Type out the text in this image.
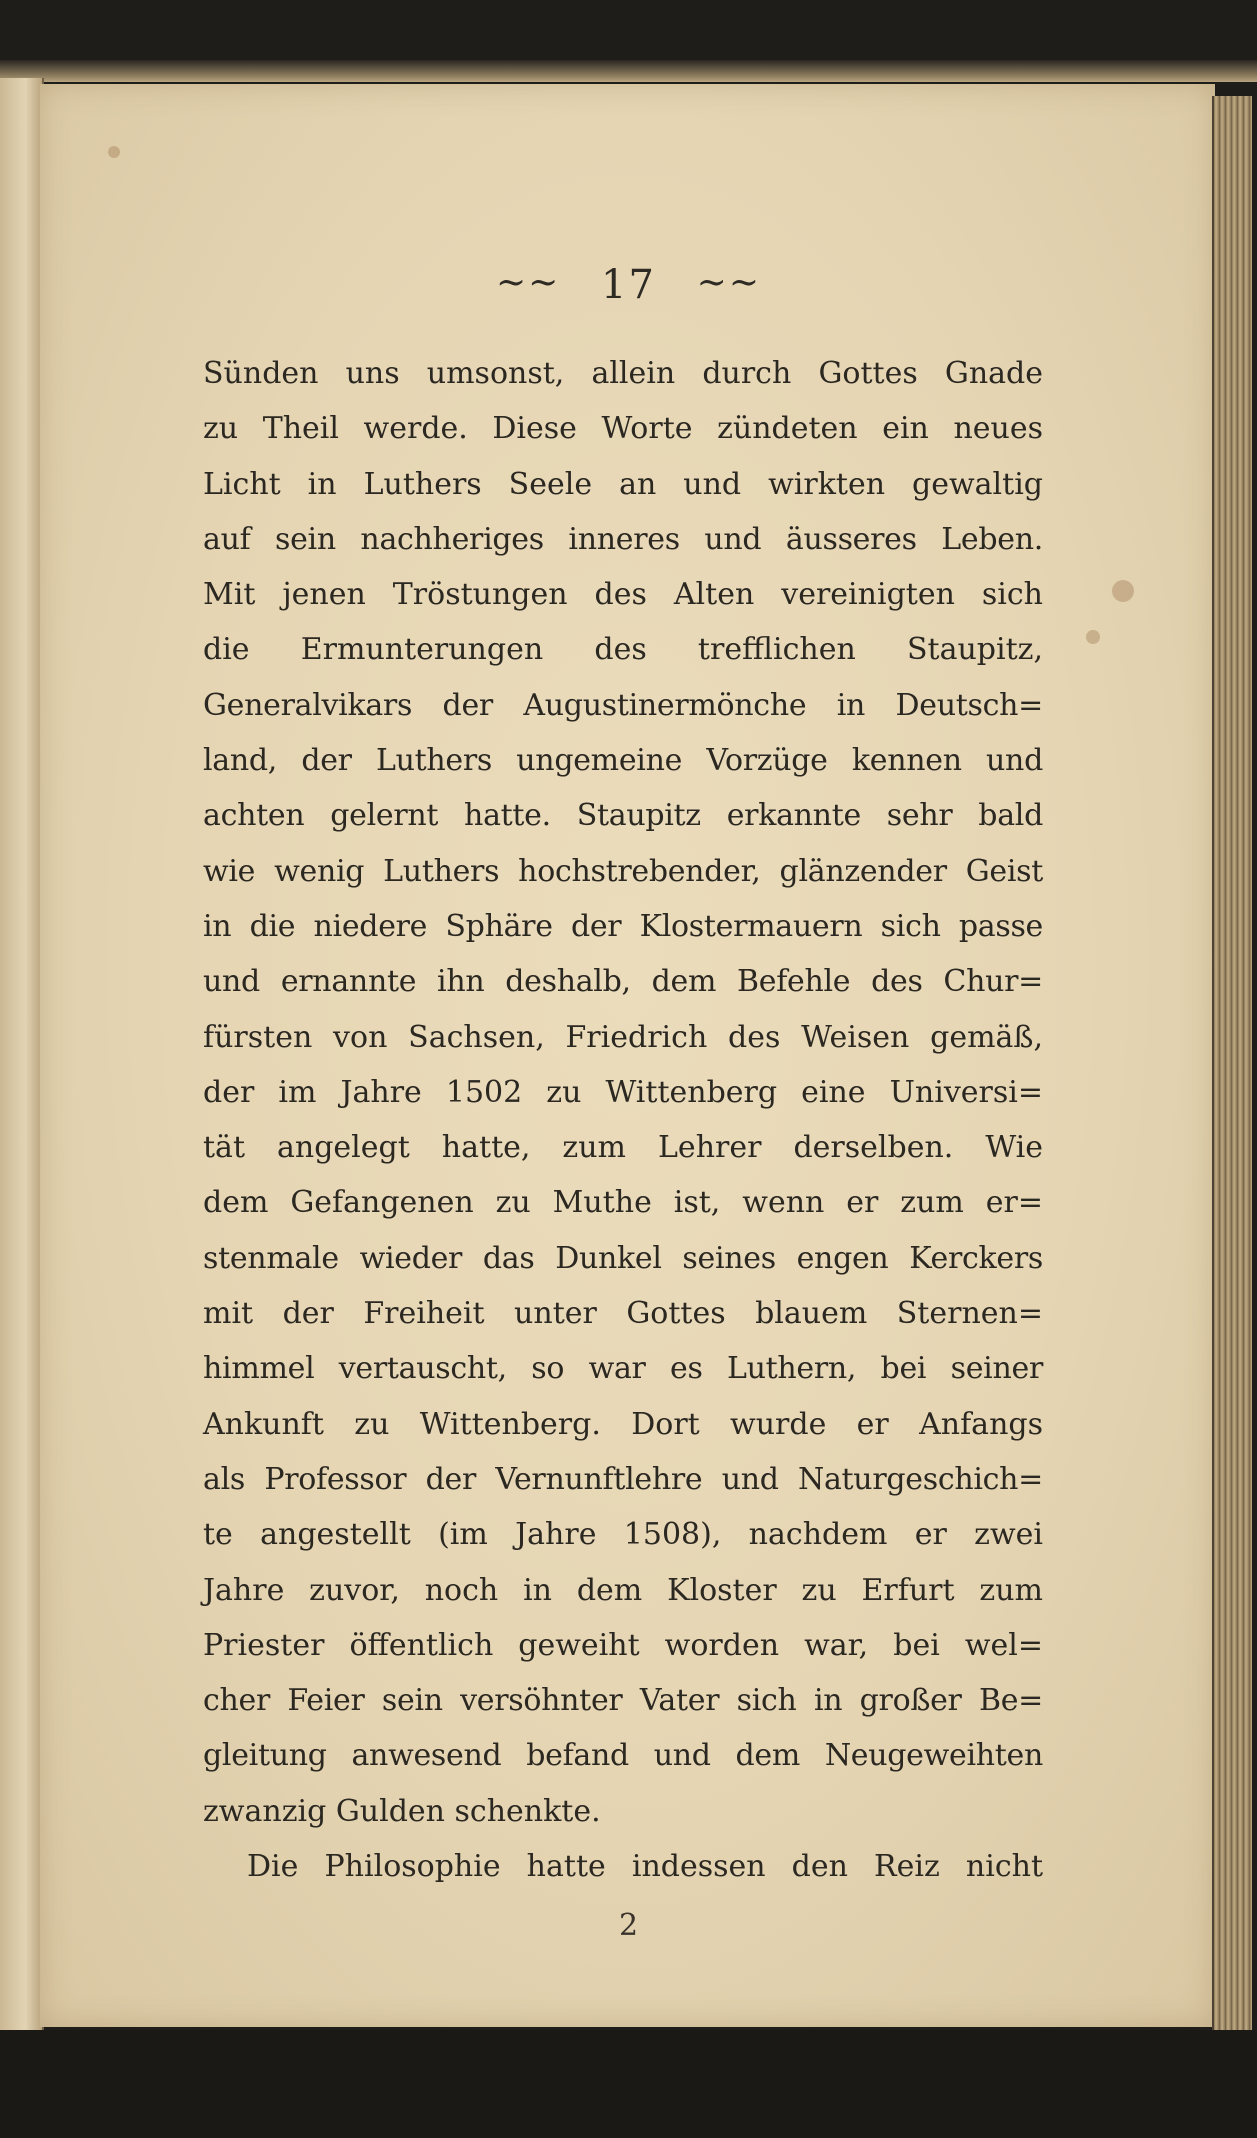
~~ 17 ~~
Sünden uns umsonst, allein durch Gottes Gnade
zu Theil werde. Diese Worte zündeten ein neues
Licht in Luthers Seele an und wirkten gewaltig
auf sein nachheriges inneres und äusseres Leben.
Mit jenen Tröstungen des Alten vereinigten sich
die Ermunterungen des trefflichen Staupitz,
Generalvikars der Augustinermönche in Deutsch=
land, der Luthers ungemeine Vorzüge kennen und
achten gelernt hatte. Staupitz erkannte sehr bald
wie wenig Luthers hochstrebender, glänzender Geist
in die niedere Sphäre der Klostermauern sich passe
und ernannte ihn deshalb, dem Befehle des Chur=
fürsten von Sachsen, Friedrich des Weisen gemäß,
der im Jahre 1502 zu Wittenberg eine Universi=
tät angelegt hatte, zum Lehrer derselben. Wie
dem Gefangenen zu Muthe ist, wenn er zum er=
stenmale wieder das Dunkel seines engen Kerckers
mit der Freiheit unter Gottes blauem Sternen=
himmel vertauscht, so war es Luthern, bei seiner
Ankunft zu Wittenberg. Dort wurde er Anfangs
als Professor der Vernunftlehre und Naturgeschich=
te angestellt (im Jahre 1508), nachdem er zwei
Jahre zuvor, noch in dem Kloster zu Erfurt zum
Priester öffentlich geweiht worden war, bei wel=
cher Feier sein versöhnter Vater sich in großer Be=
gleitung anwesend befand und dem Neugeweihten
zwanzig Gulden schenkte.
Die Philosophie hatte indessen den Reiz nicht
2
